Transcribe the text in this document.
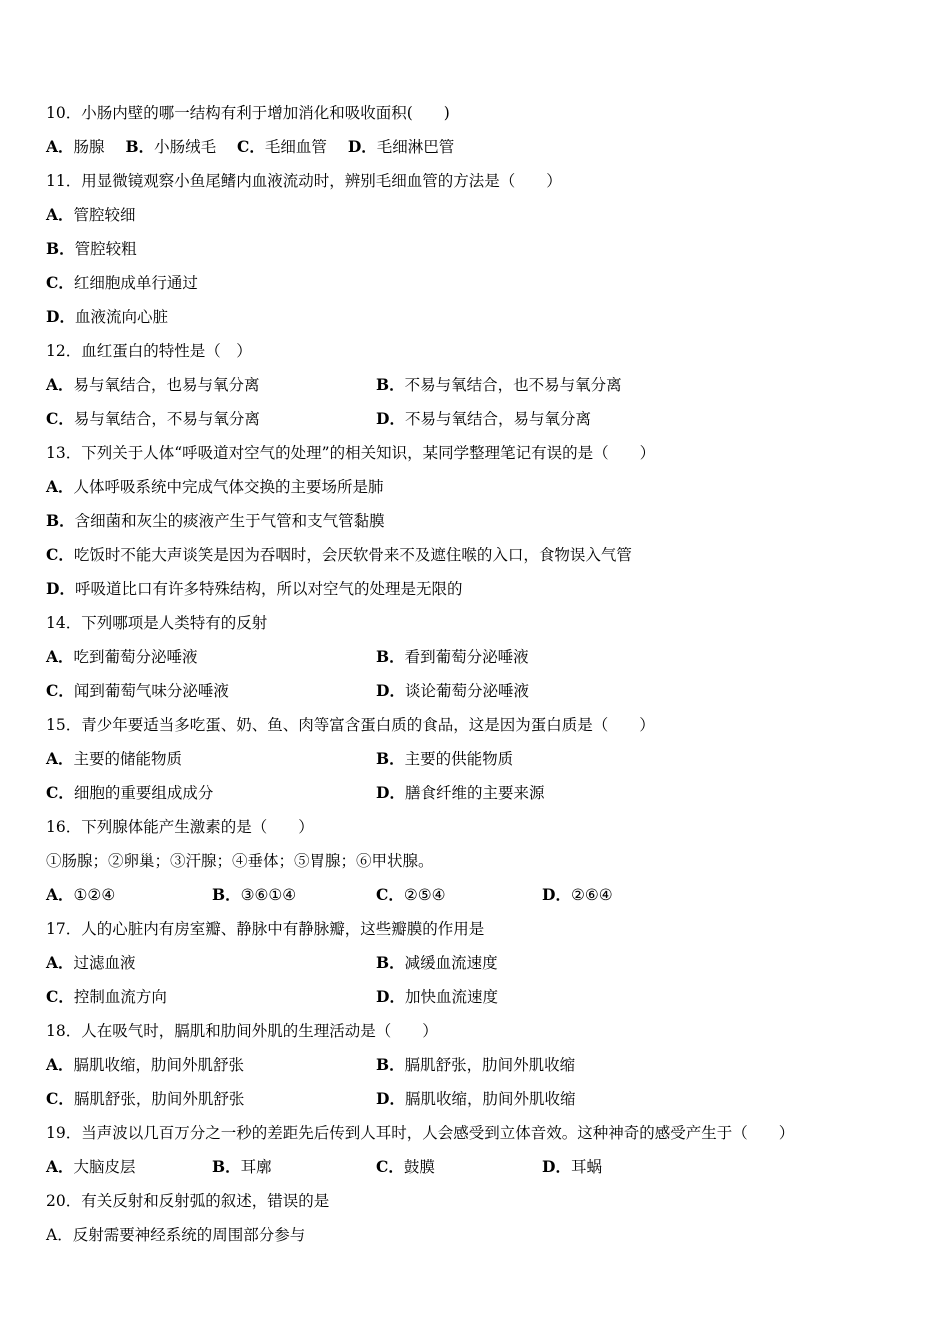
10．小肠内壁的哪一结构有利于增加消化和吸收面积(　　)
A．肠腺 B．小肠绒毛 C．毛细血管 D．毛细淋巴管
11．用显微镜观察小鱼尾鳍内血液流动时，辨别毛细血管的方法是（　　）
A．管腔较细
B．管腔较粗
C．红细胞成单行通过
D．血液流向心脏
12．血红蛋白的特性是（　）
A．易与氧结合，也易与氧分离	B．不易与氧结合，也不易与氧分离
C．易与氧结合，不易与氧分离	D．不易与氧结合，易与氧分离
13．下列关于人体“呼吸道对空气的处理”的相关知识，某同学整理笔记有误的是（　　）
A．人体呼吸系统中完成气体交换的主要场所是肺
B．含细菌和灰尘的痰液产生于气管和支气管黏膜
C．吃饭时不能大声谈笑是因为吞咽时，会厌软骨来不及遮住喉的入口，食物误入气管
D．呼吸道比口有许多特殊结构，所以对空气的处理是无限的
14．下列哪项是人类特有的反射
A．吃到葡萄分泌唾液	B．看到葡萄分泌唾液
C．闻到葡萄气味分泌唾液	D．谈论葡萄分泌唾液
15．青少年要适当多吃蛋、奶、鱼、肉等富含蛋白质的食品，这是因为蛋白质是（　　）
A．主要的储能物质	B．主要的供能物质
C．细胞的重要组成成分	D．膳食纤维的主要来源
16．下列腺体能产生激素的是（　　）
①肠腺；②卵巢；③汗腺；④垂体；⑤胃腺；⑥甲状腺。
A．①②④	B．③⑥①④	C．②⑤④	D．②⑥④
17．人的心脏内有房室瓣、静脉中有静脉瓣，这些瓣膜的作用是
A．过滤血液	B．减缓血流速度
C．控制血流方向	D．加快血流速度
18．人在吸气时，膈肌和肋间外肌的生理活动是（　　）
A．膈肌收缩，肋间外肌舒张	B．膈肌舒张，肋间外肌收缩
C．膈肌舒张，肋间外肌舒张	D．膈肌收缩，肋间外肌收缩
19．当声波以几百万分之一秒的差距先后传到人耳时，人会感受到立体音效。这种神奇的感受产生于（　　）
A．大脑皮层	B．耳廓	C．鼓膜	D．耳蜗
20．有关反射和反射弧的叙述，错误的是
A．反射需要神经系统的周围部分参与
